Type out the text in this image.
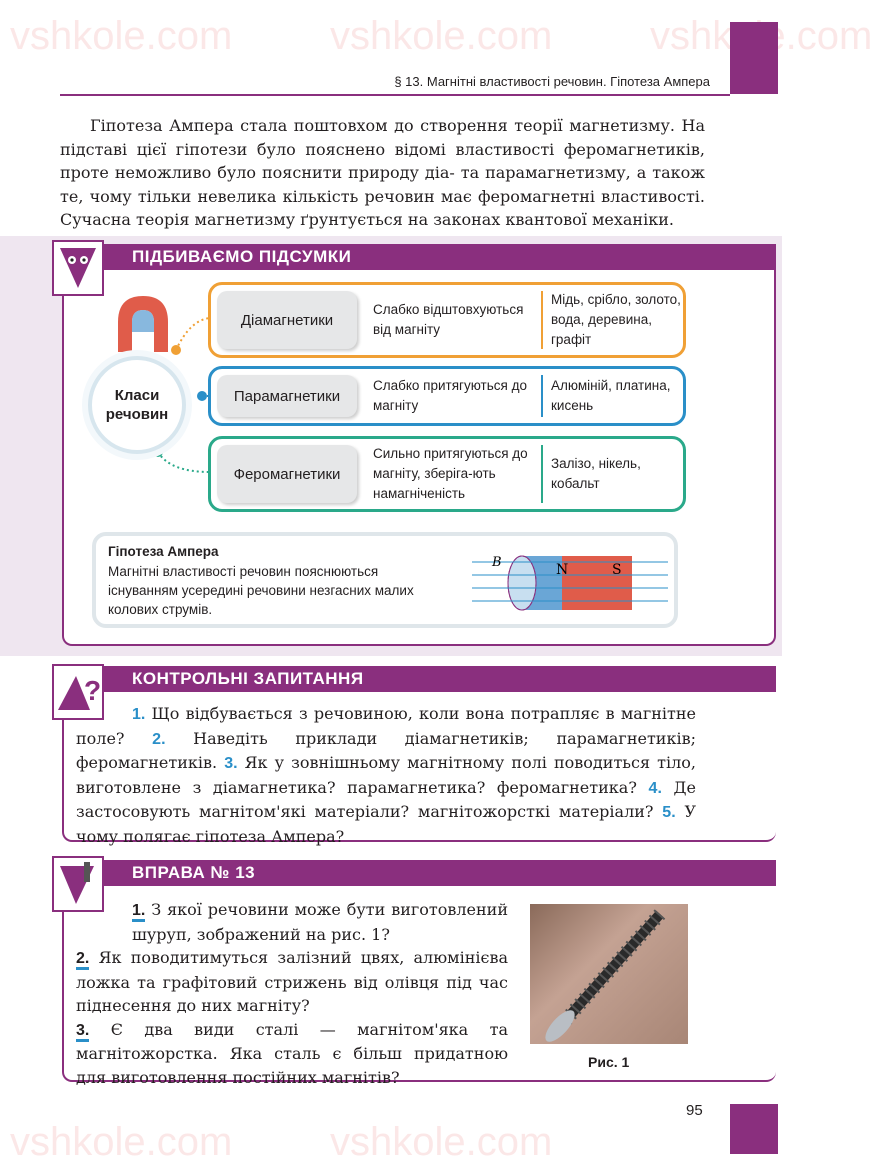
vshkole.com vshkole.com
vshkole.com vshkole.com
§ 13. Магнітні властивості речовин. Гіпотеза Ампера

Гіпотеза Ампера стала поштовхом до створення теорії магнетизму. На підставі цієї гіпотези було пояснено відомі властивості феромагнетиків, проте неможливо було пояснити природу діа- та парамагнетизму, а також те, чому тільки невелика кількість речовин має феромагнетні властивості. Сучасна теорія магнетизму ґрунтується на законах квантової механіки.

ПІДБИВАЄМО ПІДСУМКИ
Класи речовин
Діамагнетики
Слабко відштовхуються від магніту
Мідь, срібло, золото, вода, деревина, графіт
Парамагнетики
Слабко притягуються до магніту
Алюміній, платина, кисень
Феромагнетики
Сильно притягуються до магніту, зберіга-ють намагніченість
Залізо, нікель, кобальт
Гіпотеза Ампера
Магнітні властивості речовин пояснюються існуванням усередині речовини незгасних малих колових струмів.
B	N	S
КОНТРОЛЬНІ ЗАПИТАННЯ
?
1. Що відбувається з речовиною, коли вона потрапляє в магнітне поле? 2. Наведіть приклади діамагнетиків; парамагнетиків; феромагнетиків. 3. Як у зовнішньому магнітному полі поводиться тіло, виготовлене з діамагнетика? парамагнетика? феромагнетика? 4. Де застосовують магнітом'які матеріали? магнітожорсткі матеріали? 5. У чому полягає гіпотеза Ампера?
ВПРАВА № 13
1. З якої речовини може бути виготовлений шуруп, зображений на рис. 1?
2. Як поводитимуться залізний цвях, алюмінієва ложка та графітовий стрижень від олівця під час піднесення до них магніту?
3. Є два види сталі — магнітом'яка та магнітожорстка. Яка сталь є більш придатною для виготовлення постійних магнітів?
Рис. 1
95
